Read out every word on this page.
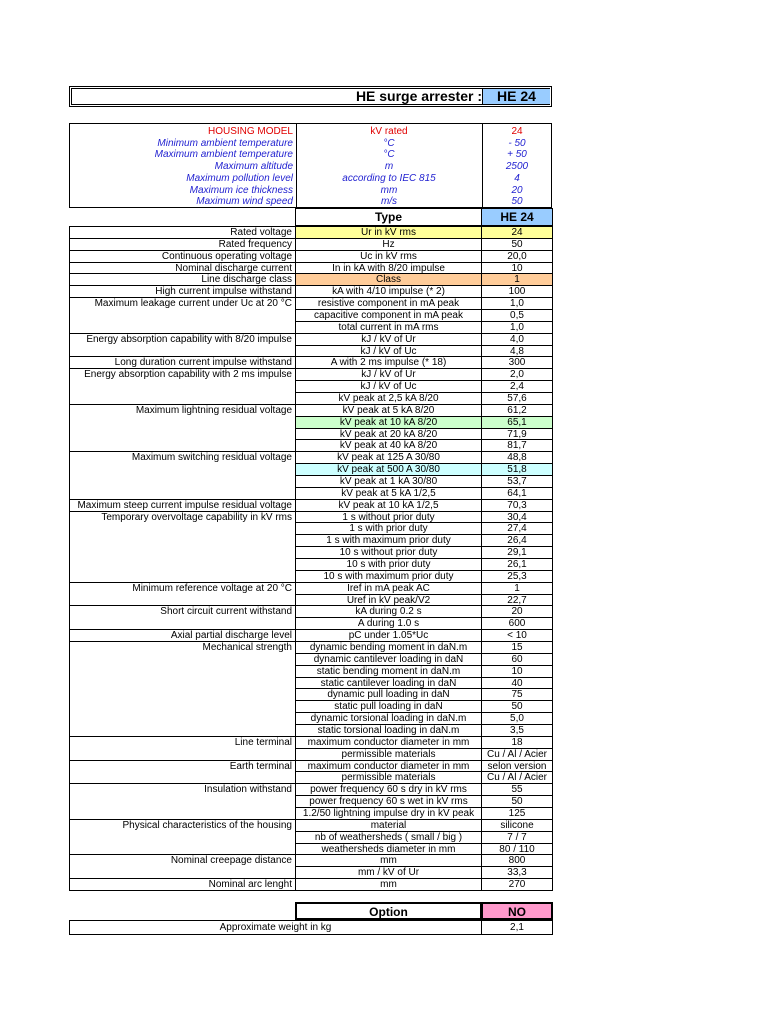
HE surge arrester :	HE 24
HOUSING MODEL	kV rated	24
Minimum ambient temperature	°C	- 50
Maximum ambient temperature	°C	+ 50
Maximum altitude	m	2500
Maximum pollution level	according to IEC 815	4
Maximum ice thickness	mm	20
Maximum wind speed	m/s	50
Type	HE 24
Rated voltage	Ur in kV rms	24
Rated frequency	Hz	50
Continuous operating voltage	Uc in kV rms	20,0
Nominal discharge current	In in kA with 8/20 impulse	10
Line discharge class	Class	1
High current impulse withstand	kA with 4/10 impulse (* 2)	100
Maximum leakage current under Uc at 20 °C	resistive component in mA peak	1,0
capacitive component in mA peak	0,5
total current in mA rms	1,0
Energy absorption capability with 8/20 impulse	kJ / kV of Ur	4,0
kJ / kV of Uc	4,8
Long duration current impulse withstand	A with 2 ms impulse (* 18)	300
Energy absorption capability with 2 ms impulse	kJ / kV of Ur	2,0
kJ / kV of Uc	2,4
kV peak at 2,5 kA 8/20	57,6
Maximum lightning residual voltage	kV peak at 5 kA 8/20	61,2
kV peak at 10 kA 8/20	65,1
kV peak at 20 kA 8/20	71,9
kV peak at 40 kA 8/20	81,7
Maximum switching residual voltage	kV peak at 125 A 30/80	48,8
kV peak at 500 A 30/80	51,8
kV peak at 1 kA 30/80	53,7
kV peak at 5 kA 1/2,5	64,1
Maximum steep current impulse residual voltage	kV peak at 10 kA 1/2,5	70,3
Temporary overvoltage capability in kV rms	1 s without prior duty	30,4
1 s with prior duty	27,4
1 s with maximum prior duty	26,4
10 s without prior duty	29,1
10 s with prior duty	26,1
10 s with maximum prior duty	25,3
Minimum reference voltage at 20 °C	Iref in mA peak AC	1
Uref in kV peak/V2	22,7
Short circuit current withstand	kA during 0.2 s	20
A during 1.0 s	600
Axial partial discharge level	pC under 1.05*Uc	< 10
Mechanical strength	dynamic bending moment in daN.m	15
dynamic cantilever loading in daN	60
static bending moment in daN.m	10
static cantilever loading in daN	40
dynamic pull loading in daN	75
static pull loading in daN	50
dynamic torsional loading in daN.m	5,0
static torsional loading in daN.m	3,5
Line terminal	maximum conductor diameter in mm	18
permissible materials	Cu / Al / Acier
Earth terminal	maximum conductor diameter in mm	selon version
permissible materials	Cu / Al / Acier
Insulation withstand	power frequency 60 s dry in kV rms	55
power frequency 60 s wet in kV rms	50
1.2/50 lightning impulse dry in kV peak	125
Physical characteristics of the housing	material	silicone
nb of weathersheds ( small / big )	7 / 7
weathersheds diameter in mm	80 / 110
Nominal creepage distance	mm	800
mm / kV of Ur	33,3
Nominal arc lenght	mm	270
Option	NO
Approximate weight in kg	2,1
